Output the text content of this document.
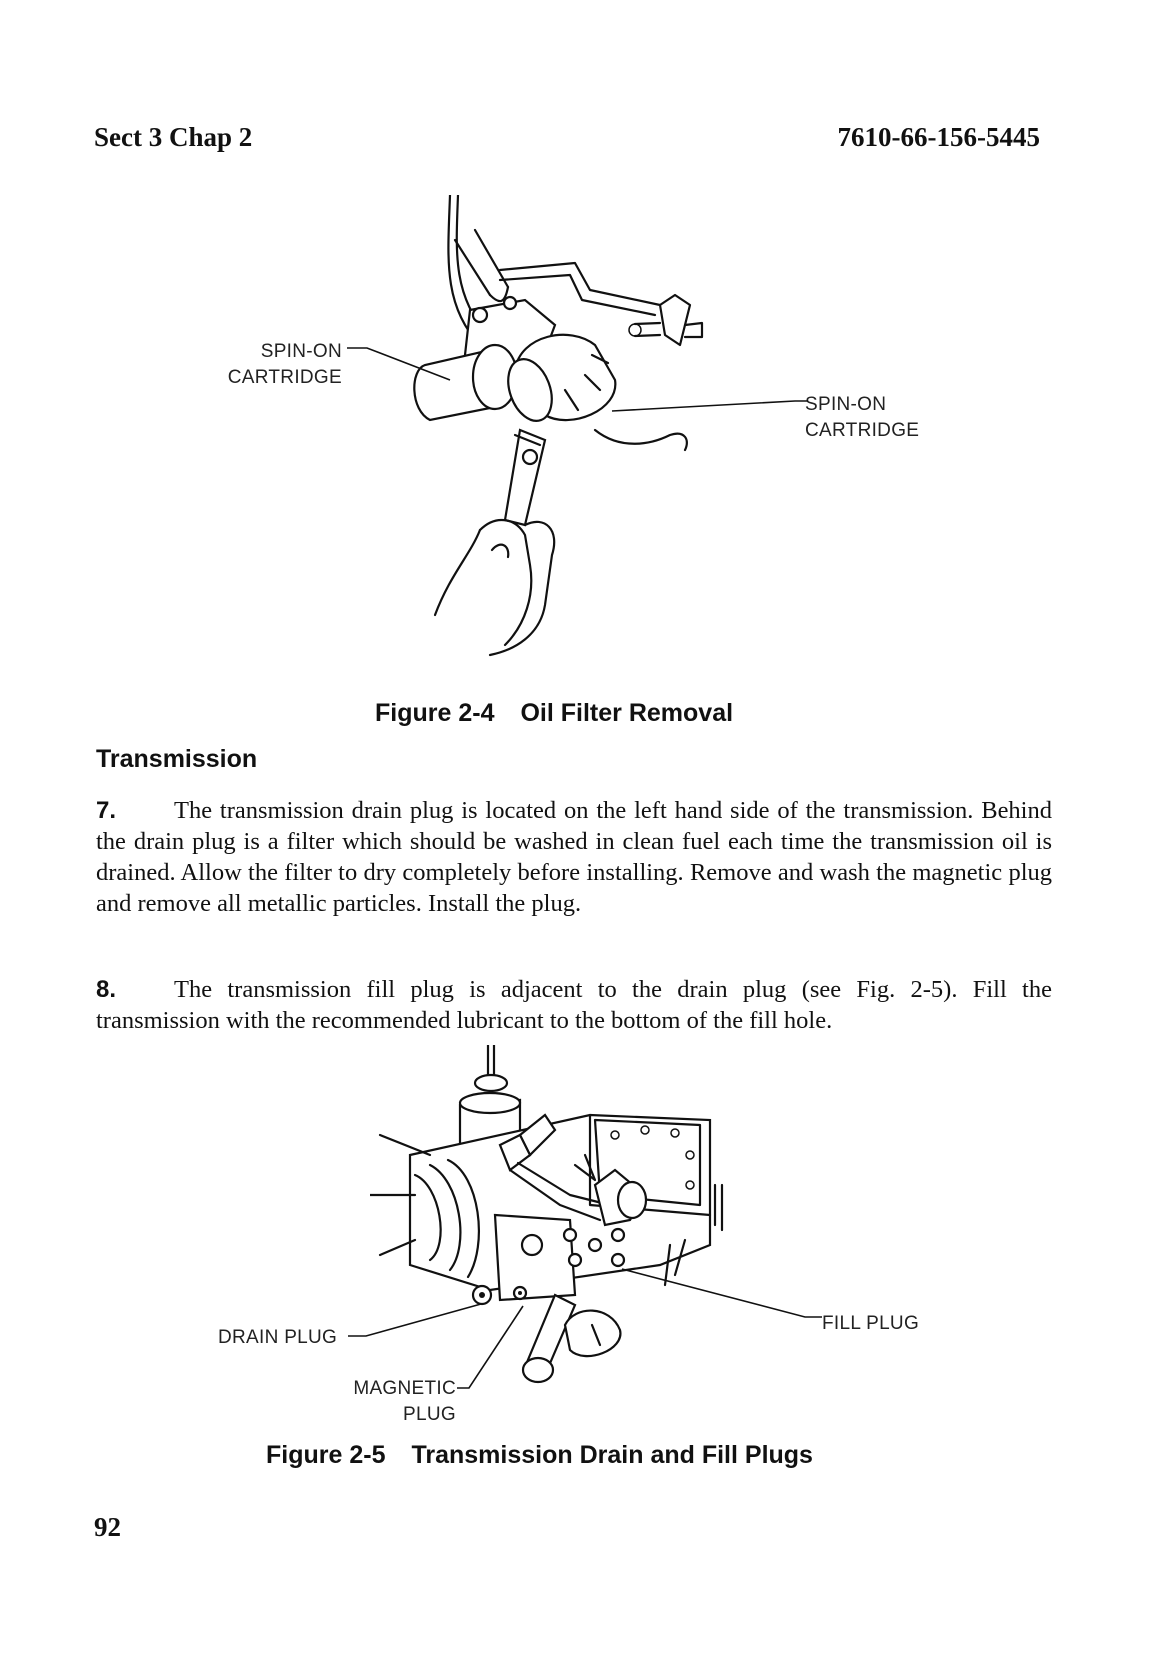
Sect 3 Chap 2	7610-66-156-5445
SPIN-ON
CARTRIDGE
SPIN-ON
CARTRIDGE
Figure 2-4 Oil Filter Removal
Transmission
7. The transmission drain plug is located on the left hand side of the transmission. Behind the drain plug is a filter which should be washed in clean fuel each time the transmission oil is drained. Allow the filter to dry completely before installing. Remove and wash the magnetic plug and remove all metallic particles. Install the plug.
8. The transmission fill plug is adjacent to the drain plug (see Fig. 2-5). Fill the transmission with the recommended lubricant to the bottom of the fill hole.
DRAIN PLUG
FILL PLUG
MAGNETIC
PLUG
Figure 2-5 Transmission Drain and Fill Plugs
92
